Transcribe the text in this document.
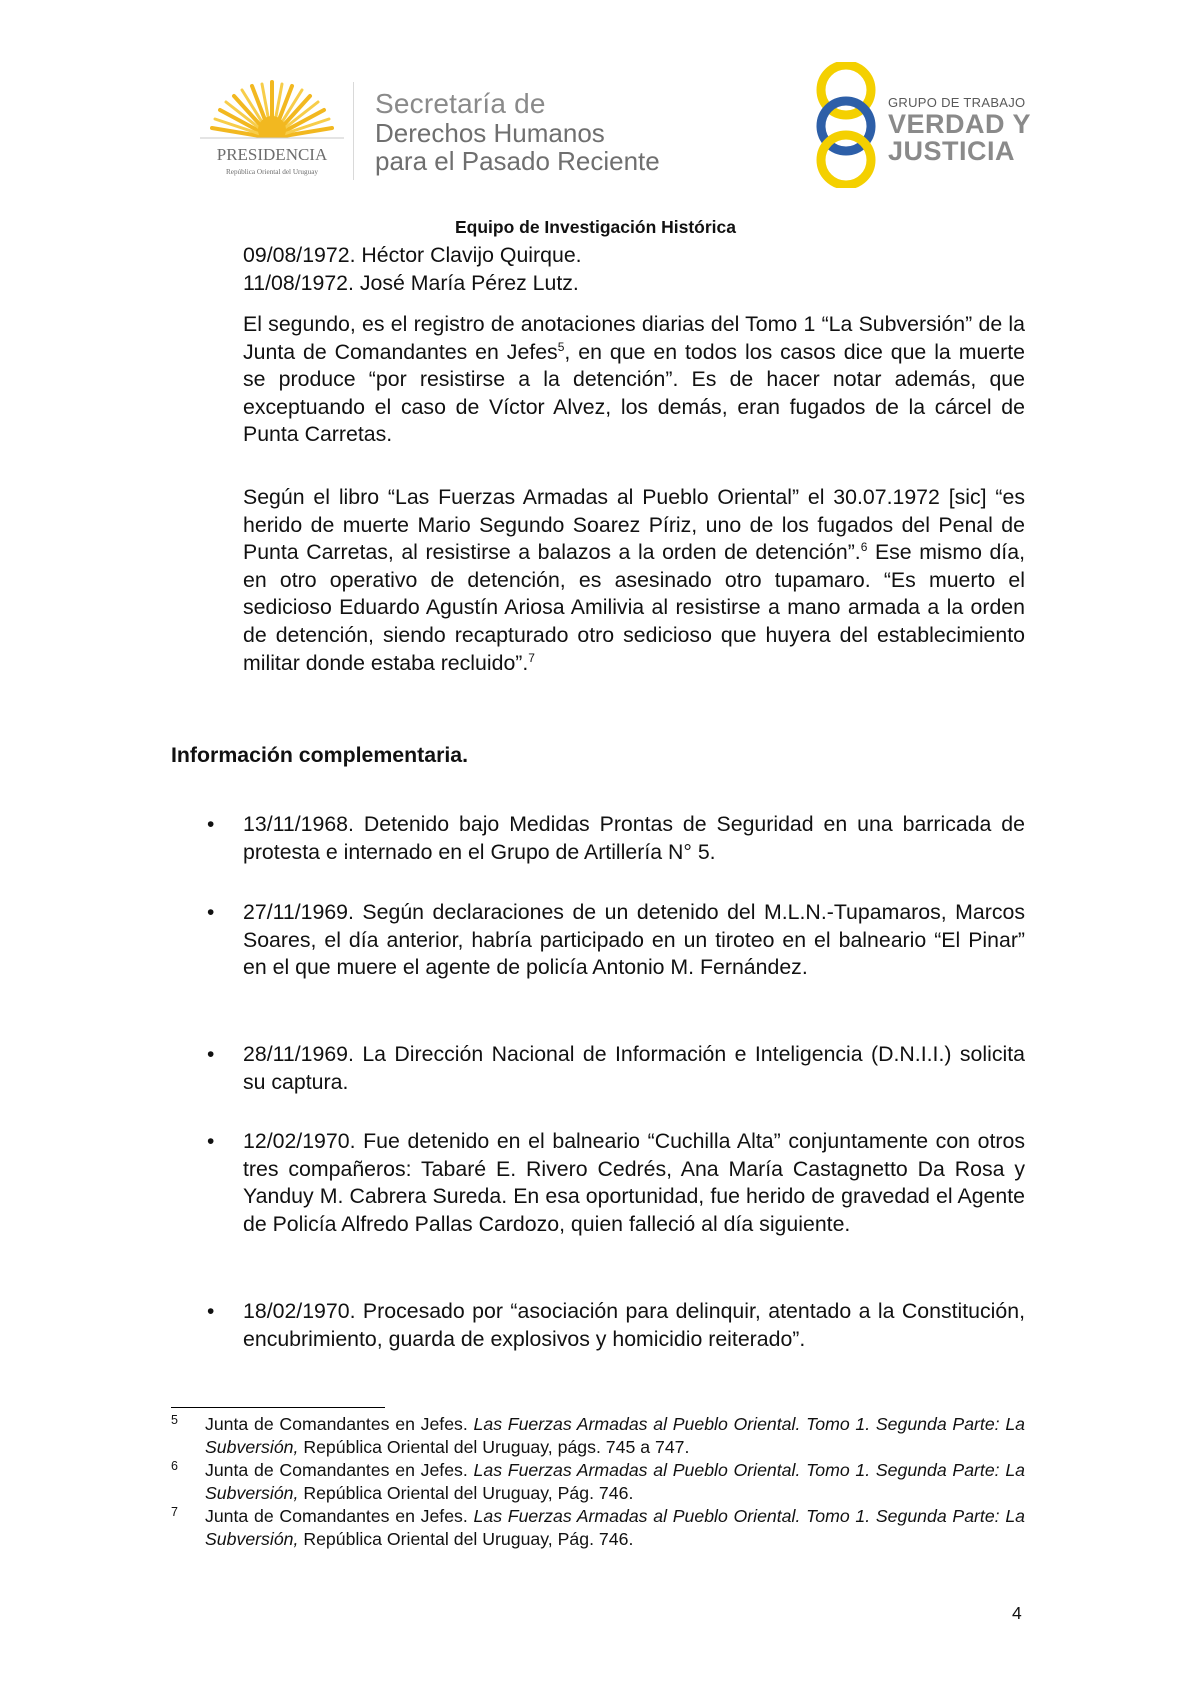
PRESIDENCIA
República Oriental del Uruguay
Secretaría de
Derechos Humanos
para el Pasado Reciente
GRUPO DE TRABAJO
VERDAD Y
JUSTICIA
Equipo de Investigación Histórica
09/08/1972. Héctor Clavijo Quirque.
11/08/1972. José María Pérez Lutz.

El segundo, es el registro de anotaciones diarias del Tomo 1 “La Subversión” de la Junta de Comandantes en Jefes$^5$, en que en todos los casos dice que la muerte se produce “por resistirse a la detención”. Es de hacer notar además, que exceptuando el caso de Víctor Alvez, los demás, eran fugados de la cárcel de Punta Carretas.

Según el libro “Las Fuerzas Armadas al Pueblo Oriental” el 30.07.1972 [sic] “es herido de muerte Mario Segundo Soarez Píriz, uno de los fugados del Penal de Punta Carretas, al resistirse a balazos a la orden de detención”.$^6$ Ese mismo día, en otro operativo de detención, es asesinado otro tupamaro. “Es muerto el sedicioso Eduardo Agustín Ariosa Amilivia al resistirse a mano armada a la orden de detención, siendo recapturado otro sedicioso que huyera del establecimiento militar donde estaba recluido”.$^7$

Información complementaria.
• 13/11/1968. Detenido bajo Medidas Prontas de Seguridad en una barricada de protesta e internado en el Grupo de Artillería N° 5.

• 27/11/1969. Según declaraciones de un detenido del M.L.N.-Tupamaros, Marcos Soares, el día anterior, habría participado en un tiroteo en el balneario “El Pinar” en el que muere el agente de policía Antonio M. Fernández.

• 28/11/1969. La Dirección Nacional de Información e Inteligencia (D.N.I.I.) solicita su captura.

• 12/02/1970. Fue detenido en el balneario “Cuchilla Alta” conjuntamente con otros tres compañeros: Tabaré E. Rivero Cedrés, Ana María Castagnetto Da Rosa y Yanduy M. Cabrera Sureda. En esa oportunidad, fue herido de gravedad el Agente de Policía Alfredo Pallas Cardozo, quien falleció al día siguiente.

• 18/02/1970. Procesado por “asociación para delinquir, atentado a la Constitución, encubrimiento, guarda de explosivos y homicidio reiterado”.

5 Junta de Comandantes en Jefes. Las Fuerzas Armadas al Pueblo Oriental. Tomo 1. Segunda Parte: La Subversión, República Oriental del Uruguay, págs. 745 a 747.

6 Junta de Comandantes en Jefes. Las Fuerzas Armadas al Pueblo Oriental. Tomo 1. Segunda Parte: La Subversión, República Oriental del Uruguay, Pág. 746.

7 Junta de Comandantes en Jefes. Las Fuerzas Armadas al Pueblo Oriental. Tomo 1. Segunda Parte: La Subversión, República Oriental del Uruguay, Pág. 746.

4
